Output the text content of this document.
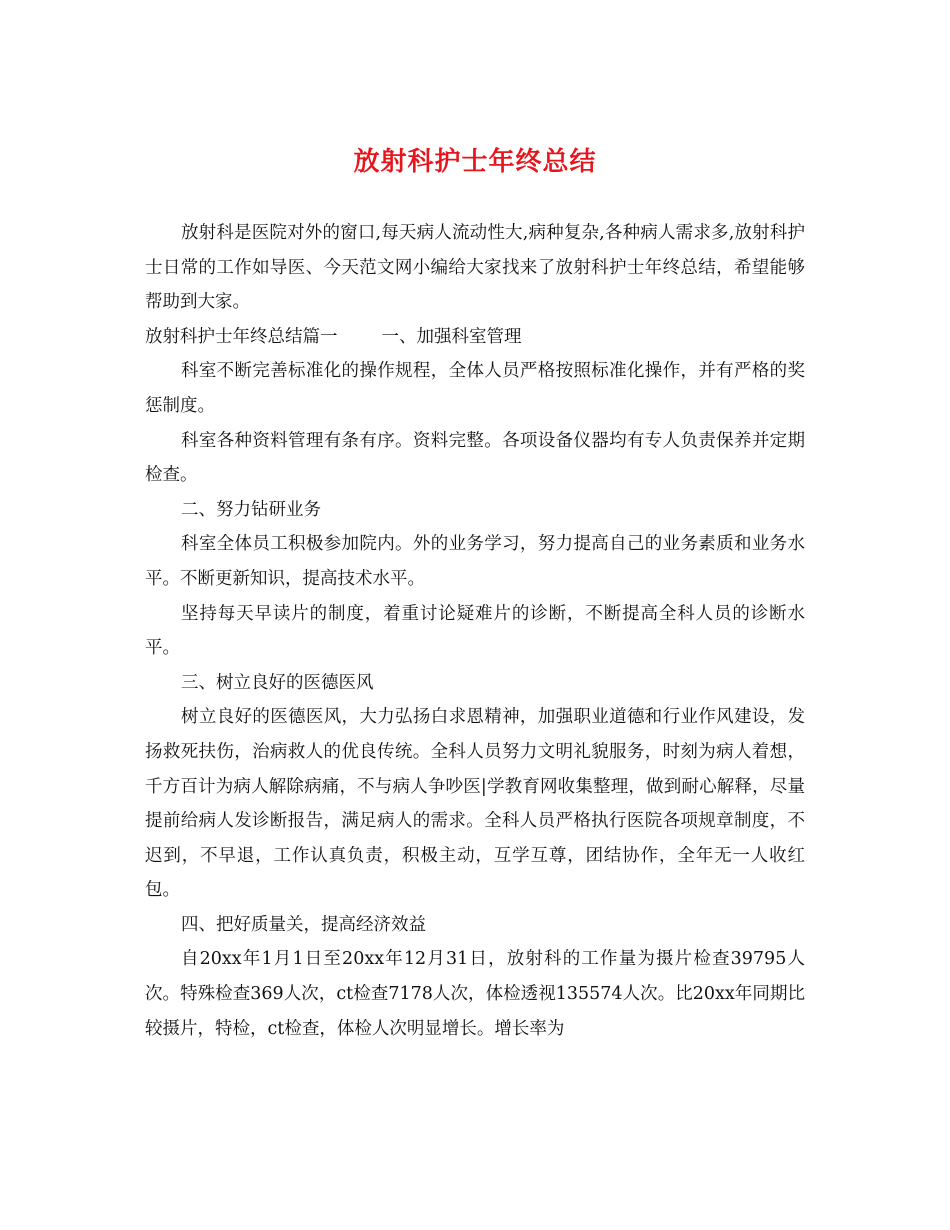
放射科护士年终总结

放射科是医院对外的窗口,每天病人流动性大,病种复杂,各种病人需求多,放射科护士日常的工作如导医、今天范文网小编给大家找来了放射科护士年终总结，希望能够帮助到大家。

放射科护士年终总结篇一	一、加强科室管理

科室不断完善标准化的操作规程，全体人员严格按照标准化操作，并有严格的奖惩制度。

科室各种资料管理有条有序。资料完整。各项设备仪器均有专人负责保养并定期检查。

二、努力钻研业务

科室全体员工积极参加院内。外的业务学习，努力提高自己的业务素质和业务水平。不断更新知识，提高技术水平。

坚持每天早读片的制度，着重讨论疑难片的诊断，不断提高全科人员的诊断水平。

三、树立良好的医德医风

树立良好的医德医风，大力弘扬白求恩精神，加强职业道德和行业作风建设，发扬救死扶伤，治病救人的优良传统。全科人员努力文明礼貌服务，时刻为病人着想，千方百计为病人解除病痛，不与病人争吵医|学教育网收集整理，做到耐心解释，尽量提前给病人发诊断报告，满足病人的需求。全科人员严格执行医院各项规章制度，不迟到，不早退，工作认真负责，积极主动，互学互尊，团结协作，全年无一人收红包。

四、把好质量关，提高经济效益

自20xx年1月1日至20xx年12月31日，放射科的工作量为摄片检查39795人次。特殊检查369人次，ct检查7178人次，体检透视135574人次。比20xx年同期比较摄片，特检，ct检查，体检人次明显增长。增长率为
